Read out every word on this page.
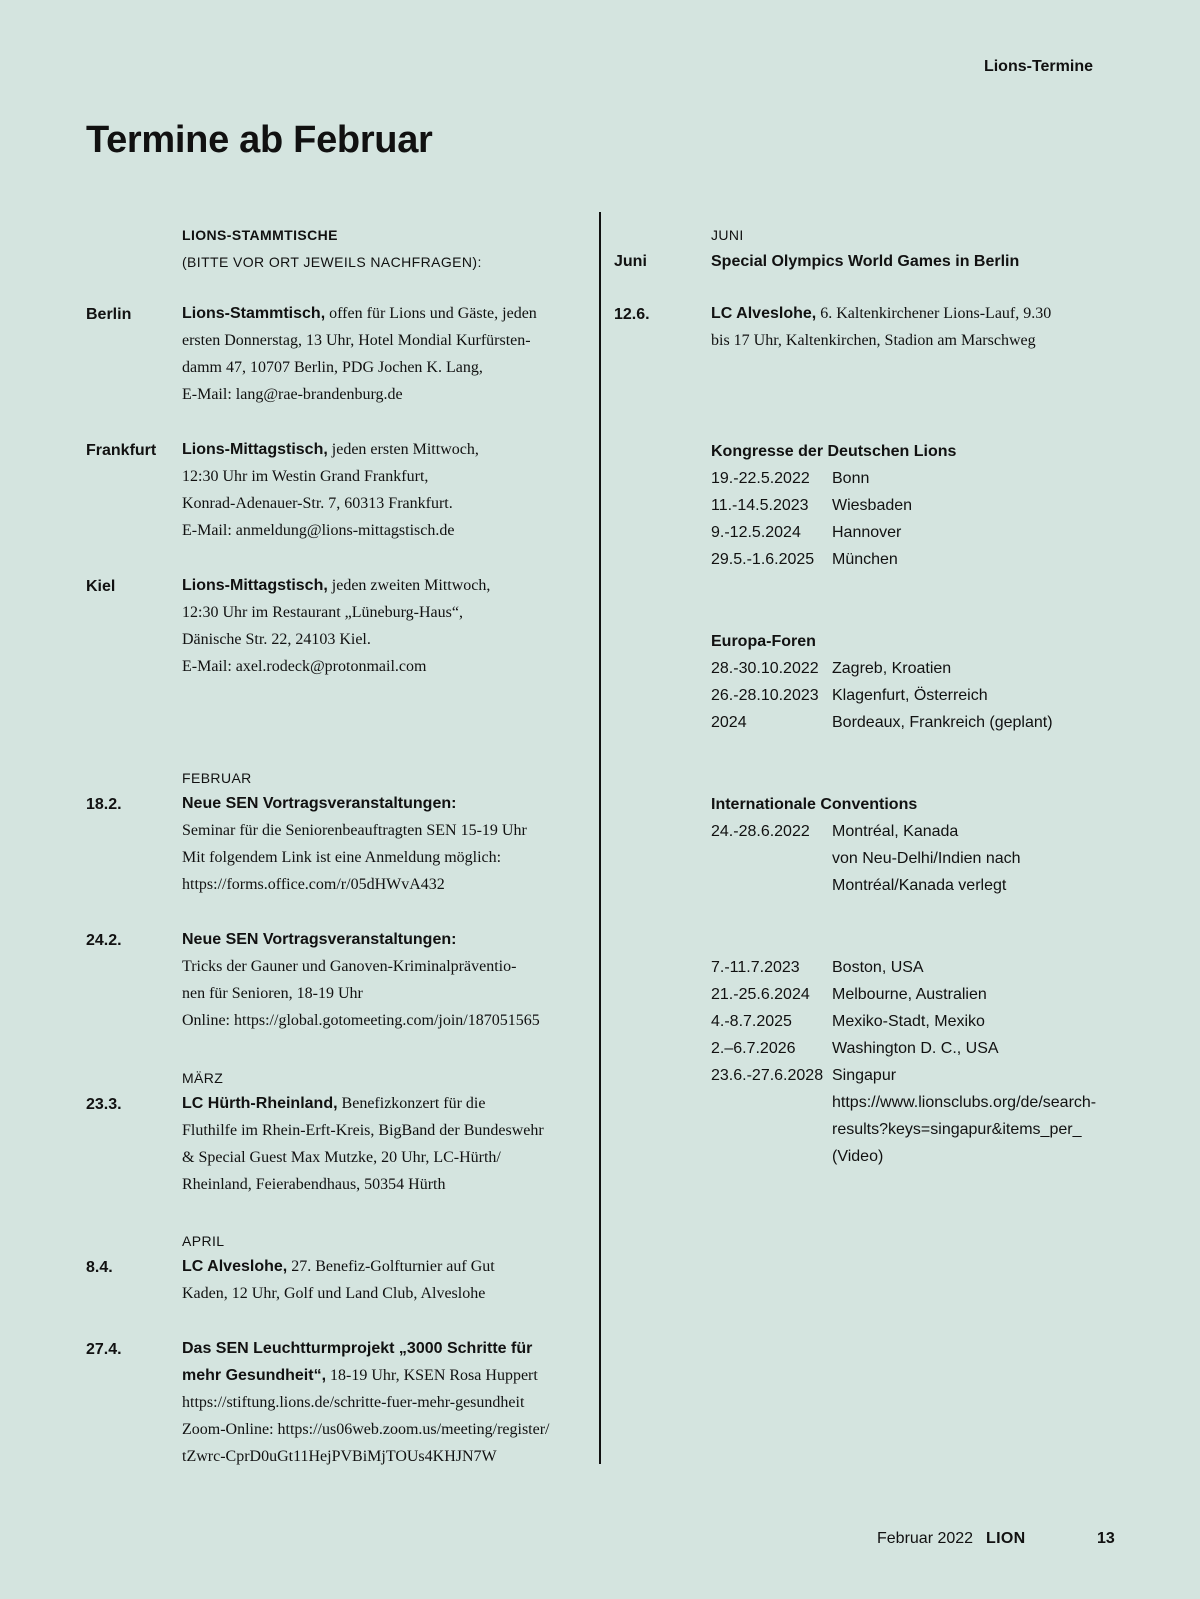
Lions-Termine
Termine ab Februar
LIONS-STAMMTISCHE
(BITTE VOR ORT JEWEILS NACHFRAGEN):
Berlin	Lions-Stammtisch, offen für Lions und Gäste, jeden
ersten Donnerstag, 13 Uhr, Hotel Mondial Kurfürsten-
damm 47, 10707 Berlin, PDG Jochen K. Lang,
E-Mail: lang@rae-brandenburg.de
Frankfurt Lions-Mittagstisch, jeden ersten Mittwoch,
12:30 Uhr im Westin Grand Frankfurt,
Konrad-Adenauer-Str. 7, 60313 Frankfurt.
E-Mail: anmeldung@lions-mittagstisch.de
Kiel	Lions-Mittagstisch, jeden zweiten Mittwoch,
12:30 Uhr im Restaurant „Lüneburg-Haus“,
Dänische Str. 22, 24103 Kiel.
E-Mail: axel.rodeck@protonmail.com
FEBRUAR
18.2.	Neue SEN Vortragsveranstaltungen:
Seminar für die Seniorenbeauftragten SEN 15-19 Uhr
Mit folgendem Link ist eine Anmeldung möglich:
https://forms.office.com/r/05dHWvA432
24.2.	Neue SEN Vortragsveranstaltungen:
Tricks der Gauner und Ganoven-Kriminalpräventio-
nen für Senioren, 18-19 Uhr
Online: https://global.gotomeeting.com/join/187051565
MÄRZ
23.3.	LC Hürth-Rheinland, Benefizkonzert für die
Fluthilfe im Rhein-Erft-Kreis, BigBand der Bundeswehr
& Special Guest Max Mutzke, 20 Uhr, LC-Hürth/
Rheinland, Feierabendhaus, 50354 Hürth
APRIL
8.4.	LC Alveslohe, 27. Benefiz-Golfturnier auf Gut
Kaden, 12 Uhr, Golf und Land Club, Alveslohe
27.4.	Das SEN Leuchtturmprojekt „3000 Schritte für
mehr Gesundheit“, 18-19 Uhr, KSEN Rosa Huppert
https://stiftung.lions.de/schritte-fuer-mehr-gesundheit
Zoom-Online: https://us06web.zoom.us/meeting/register/
tZwrc-CprD0uGt11HejPVBiMjTOUs4KHJN7W
JUNI
Juni	Special Olympics World Games in Berlin
12.6.	LC Alveslohe, 6. Kaltenkirchener Lions-Lauf, 9.30
bis 17 Uhr, Kaltenkirchen, Stadion am Marschweg
Kongresse der Deutschen Lions
19.-22.5.2022	Bonn
11.-14.5.2023	Wiesbaden
9.-12.5.2024	Hannover
29.5.-1.6.2025	München
Europa-Foren
28.-30.10.2022 Zagreb, Kroatien
26.-28.10.2023 Klagenfurt, Österreich
2024	Bordeaux, Frankreich (geplant)
Internationale Conventions
24.-28.6.2022	Montréal, Kanada
von Neu-Delhi/Indien nach
Montréal/Kanada verlegt
7.-11.7.2023	Boston, USA
21.-25.6.2024	Melbourne, Australien
4.-8.7.2025	Mexiko-Stadt, Mexiko
2.–6.7.2026	Washington D. C., USA
23.6.-27.6.2028 Singapur
https://www.lionsclubs.org/de/search-
results?keys=singapur&items_per_
(Video)
Februar 2022 LION	13
